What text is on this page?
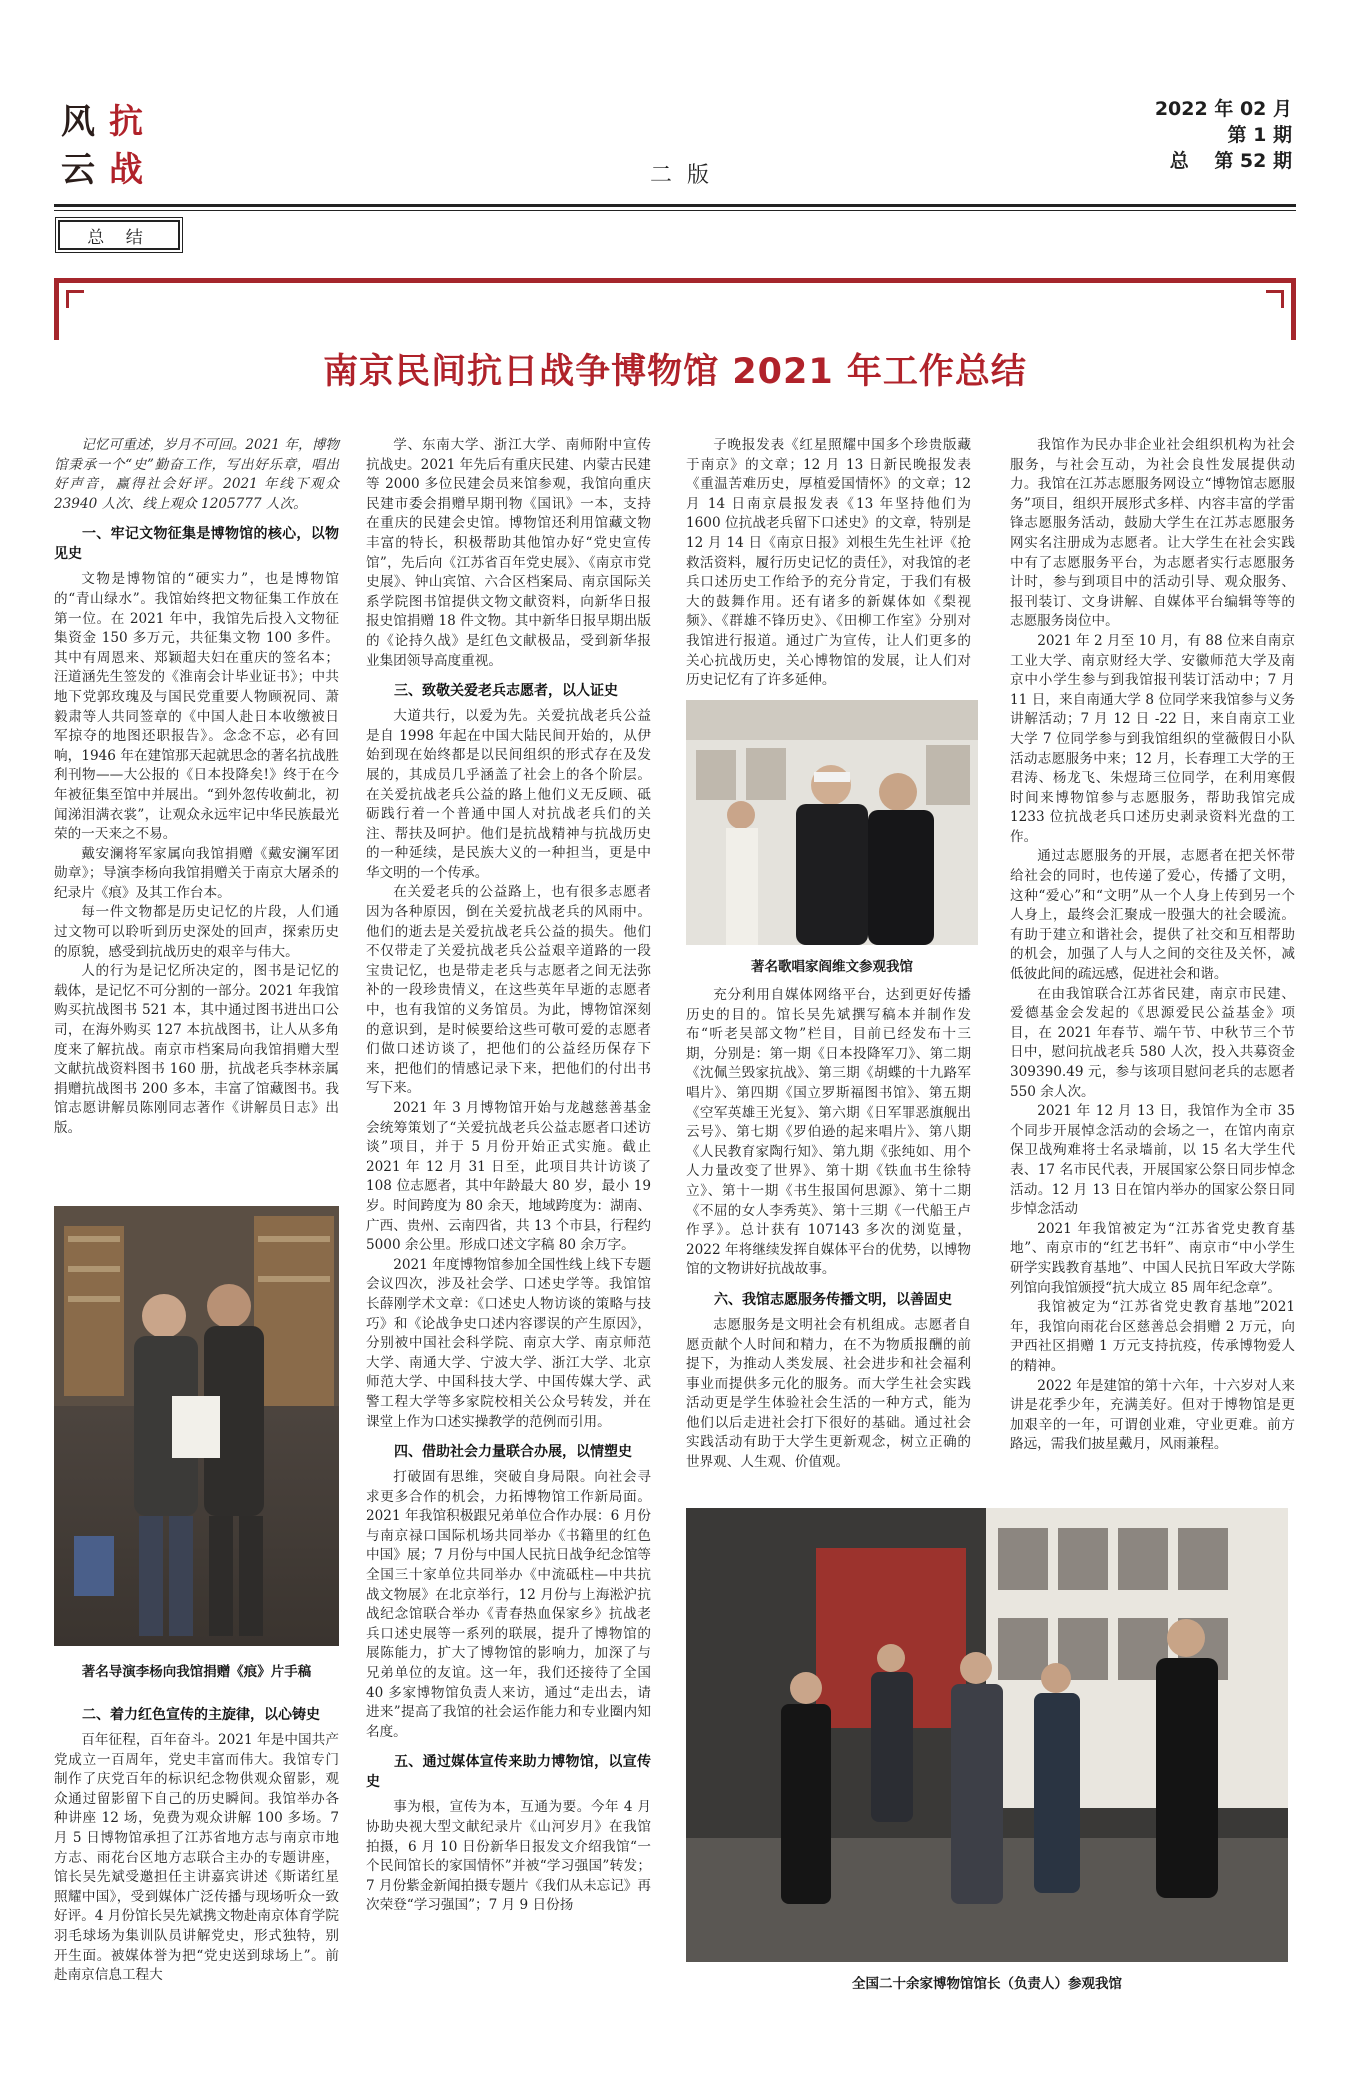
风 抗
云 战	二 版
2022 年 02 月
第 1 期
总　 第 52 期
总 结
南京民间抗日战争博物馆 2021 年工作总结

记忆可重述，岁月不可回。2021 年，博物馆秉承一个“史”勤奋工作，写出好乐章，唱出好声音，赢得社会好评。2021 年线下观众 23940 人次、线上观众 1205777 人次。

一、牢记文物征集是博物馆的核心，以物见史

文物是博物馆的“硬实力”，也是博物馆的“青山绿水”。我馆始终把文物征集工作放在第一位。在 2021 年中，我馆先后投入文物征集资金 150 多万元，共征集文物 100 多件。其中有周恩来、郑颖超夫妇在重庆的签名本；汪道涵先生签发的《淮南会计毕业证书》；中共地下党郭玫瑰及与国民党重要人物顾祝同、萧毅肃等人共同签章的《中国人赴日本收缴被日军掠夺的地图还职报告》。念念不忘，必有回响，1946 年在建馆那天起就思念的著名抗战胜利刊物——大公报的《日本投降矣!》终于在今年被征集至馆中并展出。“到外忽传收蓟北，初闻涕泪满衣裳”，让观众永远牢记中华民族最光荣的一天来之不易。

戴安澜将军家属向我馆捐赠《戴安澜军团勋章》；导演李杨向我馆捐赠关于南京大屠杀的纪录片《痕》及其工作台本。

每一件文物都是历史记忆的片段，人们通过文物可以聆听到历史深处的回声，探索历史的原貌，感受到抗战历史的艰辛与伟大。

人的行为是记忆所决定的，图书是记忆的载体，是记忆不可分割的一部分。2021 年我馆购买抗战图书 521 本，其中通过图书进出口公司，在海外购买 127 本抗战图书，让人从多角度来了解抗战。南京市档案局向我馆捐赠大型文献抗战资料图书 160 册，抗战老兵李林亲属捐赠抗战图书 200 多本，丰富了馆藏图书。我馆志愿讲解员陈刚同志著作《讲解员日志》出版。

著名导演李杨向我馆捐赠《痕》片手稿
二、着力红色宣传的主旋律，以心铸史

百年征程，百年奋斗。2021 年是中国共产党成立一百周年，党史丰富而伟大。我馆专门制作了庆党百年的标识纪念物供观众留影，观众通过留影留下自己的历史瞬间。我馆举办各种讲座 12 场，免费为观众讲解 100 多场。7 月 5 日博物馆承担了江苏省地方志与南京市地方志、雨花台区地方志联合主办的专题讲座，馆长吴先斌受邀担任主讲嘉宾讲述《斯诺红星照耀中国》，受到媒体广泛传播与现场听众一致好评。4 月份馆长吴先斌携文物赴南京体育学院羽毛球场为集训队员讲解党史，形式独特，别开生面。被媒体誉为把“党史送到球场上”。前赴南京信息工程大

学、东南大学、浙江大学、南师附中宣传抗战史。2021 年先后有重庆民建、内蒙古民建等 2000 多位民建会员来馆参观，我馆向重庆民建市委会捐赠早期刊物《国讯》一本，支持在重庆的民建会史馆。博物馆还利用馆藏文物丰富的特长，积极帮助其他馆办好“党史宣传馆”，先后向《江苏省百年党史展》、《南京市党史展》、钟山宾馆、六合区档案局、南京国际关系学院图书馆提供文物文献资料，向新华日报报史馆捐赠 18 件文物。其中新华日报早期出版的《论持久战》是红色文献极品，受到新华报业集团领导高度重视。

三、致敬关爱老兵志愿者，以人证史

大道共行，以爱为先。关爱抗战老兵公益是自 1998 年起在中国大陆民间开始的，从伊始到现在始终都是以民间组织的形式存在及发展的，其成员几乎涵盖了社会上的各个阶层。在关爱抗战老兵公益的路上他们义无反顾、砥砺践行着一个普通中国人对抗战老兵们的关注、帮扶及呵护。他们是抗战精神与抗战历史的一种延续，是民族大义的一种担当，更是中华文明的一个传承。

在关爱老兵的公益路上，也有很多志愿者因为各种原因，倒在关爱抗战老兵的风雨中。他们的逝去是关爱抗战老兵公益的损失。他们不仅带走了关爱抗战老兵公益艰辛道路的一段宝贵记忆，也是带走老兵与志愿者之间无法弥补的一段珍贵情义，在这些英年早逝的志愿者中，也有我馆的义务馆员。为此，博物馆深刻的意识到，是时候要给这些可敬可爱的志愿者们做口述访谈了，把他们的公益经历保存下来，把他们的情感记录下来，把他们的付出书写下来。

2021 年 3 月博物馆开始与龙越慈善基金会统筹策划了“关爱抗战老兵公益志愿者口述访谈”项目，并于 5 月份开始正式实施。截止 2021 年 12 月 31 日至，此项目共计访谈了 108 位志愿者，其中年龄最大 80 岁，最小 19 岁。时间跨度为 80 余天，地域跨度为：湖南、广西、贵州、云南四省，共 13 个市县，行程约 5000 余公里。形成口述文字稿 80 余万字。

2021 年度博物馆参加全国性线上线下专题会议四次，涉及社会学、口述史学等。我馆馆长薛刚学术文章：《口述史人物访谈的策略与技巧》和《论战争史口述内容谬误的产生原因》，分别被中国社会科学院、南京大学、南京师范大学、南通大学、宁波大学、浙江大学、北京师范大学、中国科技大学、中国传媒大学、武警工程大学等多家院校相关公众号转发，并在课堂上作为口述实操教学的范例而引用。

四、借助社会力量联合办展，以情塑史

打破固有思维，突破自身局限。向社会寻求更多合作的机会，力拓博物馆工作新局面。2021 年我馆积极跟兄弟单位合作办展：6 月份与南京禄口国际机场共同举办《书籍里的红色中国》展；7 月份与中国人民抗日战争纪念馆等全国三十家单位共同举办《中流砥柱—中共抗战文物展》在北京举行，12 月份与上海淞沪抗战纪念馆联合举办《青春热血保家乡》抗战老兵口述史展等一系列的联展，提升了博物馆的展陈能力，扩大了博物馆的影响力，加深了与兄弟单位的友谊。这一年，我们还接待了全国 40 多家博物馆负责人来访，通过“走出去，请进来”提高了我馆的社会运作能力和专业圈内知名度。

五、通过媒体宣传来助力博物馆，以宣传史

事为根，宣传为本，互通为要。今年 4 月协助央视大型文献纪录片《山河岁月》在我馆拍摄，6 月 10 日份新华日报发文介绍我馆“一个民间馆长的家国情怀”并被“学习强国”转发；7 月份紫金新闻拍摄专题片《我们从未忘记》再次荣登“学习强国”；7 月 9 日份扬

子晚报发表《红星照耀中国多个珍贵版藏于南京》的文章；12 月 13 日新民晚报发表《重温苦难历史，厚植爱国情怀》的文章；12 月 14 日南京晨报发表《13 年坚持他们为 1600 位抗战老兵留下口述史》的文章，特别是 12 月 14 日《南京日报》刘根生先生社评《抢救活资料，履行历史记忆的责任》，对我馆的老兵口述历史工作给予的充分肯定，于我们有极大的鼓舞作用。还有诸多的新媒体如《梨视频》、《群雄不锋历史》、《田柳工作室》分别对我馆进行报道。通过广为宣传，让人们更多的关心抗战历史，关心博物馆的发展，让人们对历史记忆有了许多延伸。

著名歌唱家阎维文参观我馆

充分利用自媒体网络平台，达到更好传播历史的目的。馆长吴先斌撰写稿本并制作发布“听老吴部文物”栏目，目前已经发布十三期，分别是：第一期《日本投降军刀》、第二期《沈佩兰毁家抗战》、第三期《胡蝶的十九路军唱片》、第四期《国立罗斯福图书馆》、第五期《空军英雄王光复》、第六期《日军罪恶旗舰出云号》、第七期《罗伯逊的起来唱片》、第八期《人民教育家陶行知》、第九期《张纯如、用个人力量改变了世界》、第十期《铁血书生徐特立》、第十一期《书生报国何思源》、第十二期《不屈的女人李秀英》、第十三期《一代船王卢作孚》。总计获有 107143 多次的浏览量，2022 年将继续发挥自媒体平台的优势，以博物馆的文物讲好抗战故事。

六、我馆志愿服务传播文明，以善固史

志愿服务是文明社会有机组成。志愿者自愿贡献个人时间和精力，在不为物质报酬的前提下，为推动人类发展、社会进步和社会福利事业而提供多元化的服务。而大学生社会实践活动更是学生体验社会生活的一种方式，能为他们以后走进社会打下很好的基础。通过社会实践活动有助于大学生更新观念，树立正确的世界观、人生观、价值观。

我馆作为民办非企业社会组织机构为社会服务，与社会互动，为社会良性发展提供动力。我馆在江苏志愿服务网设立“博物馆志愿服务”项目，组织开展形式多样、内容丰富的学雷锋志愿服务活动，鼓励大学生在江苏志愿服务网实名注册成为志愿者。让大学生在社会实践中有了志愿服务平台，为志愿者实行志愿服务计时，参与到项目中的活动引导、观众服务、报刊装订、文身讲解、自媒体平台编辑等等的志愿服务岗位中。

2021 年 2 月至 10 月，有 88 位来自南京工业大学、南京财经大学、安徽师范大学及南京中小学生参与到我馆报刊装订活动中；7 月 11 日，来自南通大学 8 位同学来我馆参与义务讲解活动；7 月 12 日 -22 日，来自南京工业大学 7 位同学参与到我馆组织的堂薇假日小队活动志愿服务中来；12 月，长春理工大学的王君涛、杨龙飞、朱煜琦三位同学，在利用寒假时间来博物馆参与志愿服务，帮助我馆完成 1233 位抗战老兵口述历史剥录资料光盘的工作。

通过志愿服务的开展，志愿者在把关怀带给社会的同时，也传递了爱心，传播了文明，这种“爱心”和“文明”从一个人身上传到另一个人身上，最终会汇聚成一股强大的社会暖流。有助于建立和谐社会，提供了社交和互相帮助的机会，加强了人与人之间的交往及关怀，减低彼此间的疏远感，促进社会和谐。

在由我馆联合江苏省民建，南京市民建、爱德基金会发起的《思源爱民公益基金》项目，在 2021 年春节、端午节、中秋节三个节日中，慰问抗战老兵 580 人次，投入共募资金 309390.49 元，参与该项目慰问老兵的志愿者 550 余人次。

2021 年 12 月 13 日，我馆作为全市 35 个同步开展悼念活动的会场之一，在馆内南京保卫战殉难将士名录墙前，以 15 名大学生代表、17 名市民代表，开展国家公祭日同步悼念活动。12 月 13 日在馆内举办的国家公祭日同步悼念活动

2021 年我馆被定为“江苏省党史教育基地”、南京市的“红艺书轩”、南京市“中小学生研学实践教育基地”、中国人民抗日军政大学陈列馆向我馆颁授“抗大成立 85 周年纪念章”。

我馆被定为“江苏省党史教育基地”2021 年，我馆向雨花台区慈善总会捐赠 2 万元，向尹西社区捐赠 1 万元支持抗疫，传承博物爱人的精神。

2022 年是建馆的第十六年，十六岁对人来讲是花季少年，充满美好。但对于博物馆是更加艰辛的一年，可谓创业难，守业更难。前方路远，需我们披星戴月，风雨兼程。

全国二十余家博物馆馆长（负责人）参观我馆
